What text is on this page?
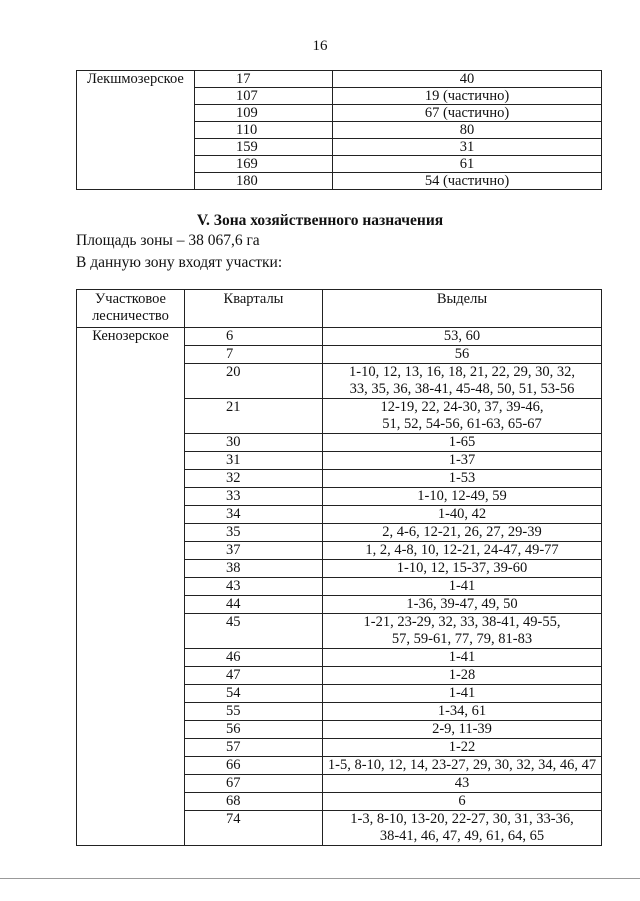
16
Лекшмозерское	17	40
	107	19 (частично)
	109	67 (частично)
	110	80
	159	31
	169	61
	180	54 (частично)
V. Зона хозяйственного назначения
Площадь зоны – 38 067,6 га
В данную зону входят участки:
Участковое
лесничество	Кварталы	Выделы
Кенозерское	6	53, 60
	7	56
	20	1-10, 12, 13, 16, 18, 21, 22, 29, 30, 32,
33, 35, 36, 38-41, 45-48, 50, 51, 53-56
	21	12-19, 22, 24-30, 37, 39-46,
51, 52, 54-56, 61-63, 65-67
	30	1-65
	31	1-37
	32	1-53
	33	1-10, 12-49, 59
	34	1-40, 42
	35	2, 4-6, 12-21, 26, 27, 29-39
	37	1, 2, 4-8, 10, 12-21, 24-47, 49-77
	38	1-10, 12, 15-37, 39-60
	43	1-41
	44	1-36, 39-47, 49, 50
	45	1-21, 23-29, 32, 33, 38-41, 49-55,
57, 59-61, 77, 79, 81-83
	46	1-41
	47	1-28
	54	1-41
	55	1-34, 61
	56	2-9, 11-39
	57	1-22
	66	1-5, 8-10, 12, 14, 23-27, 29, 30, 32, 34, 46, 47
	67	43
	68	6
	74	1-3, 8-10, 13-20, 22-27, 30, 31, 33-36,
38-41, 46, 47, 49, 61, 64, 65
